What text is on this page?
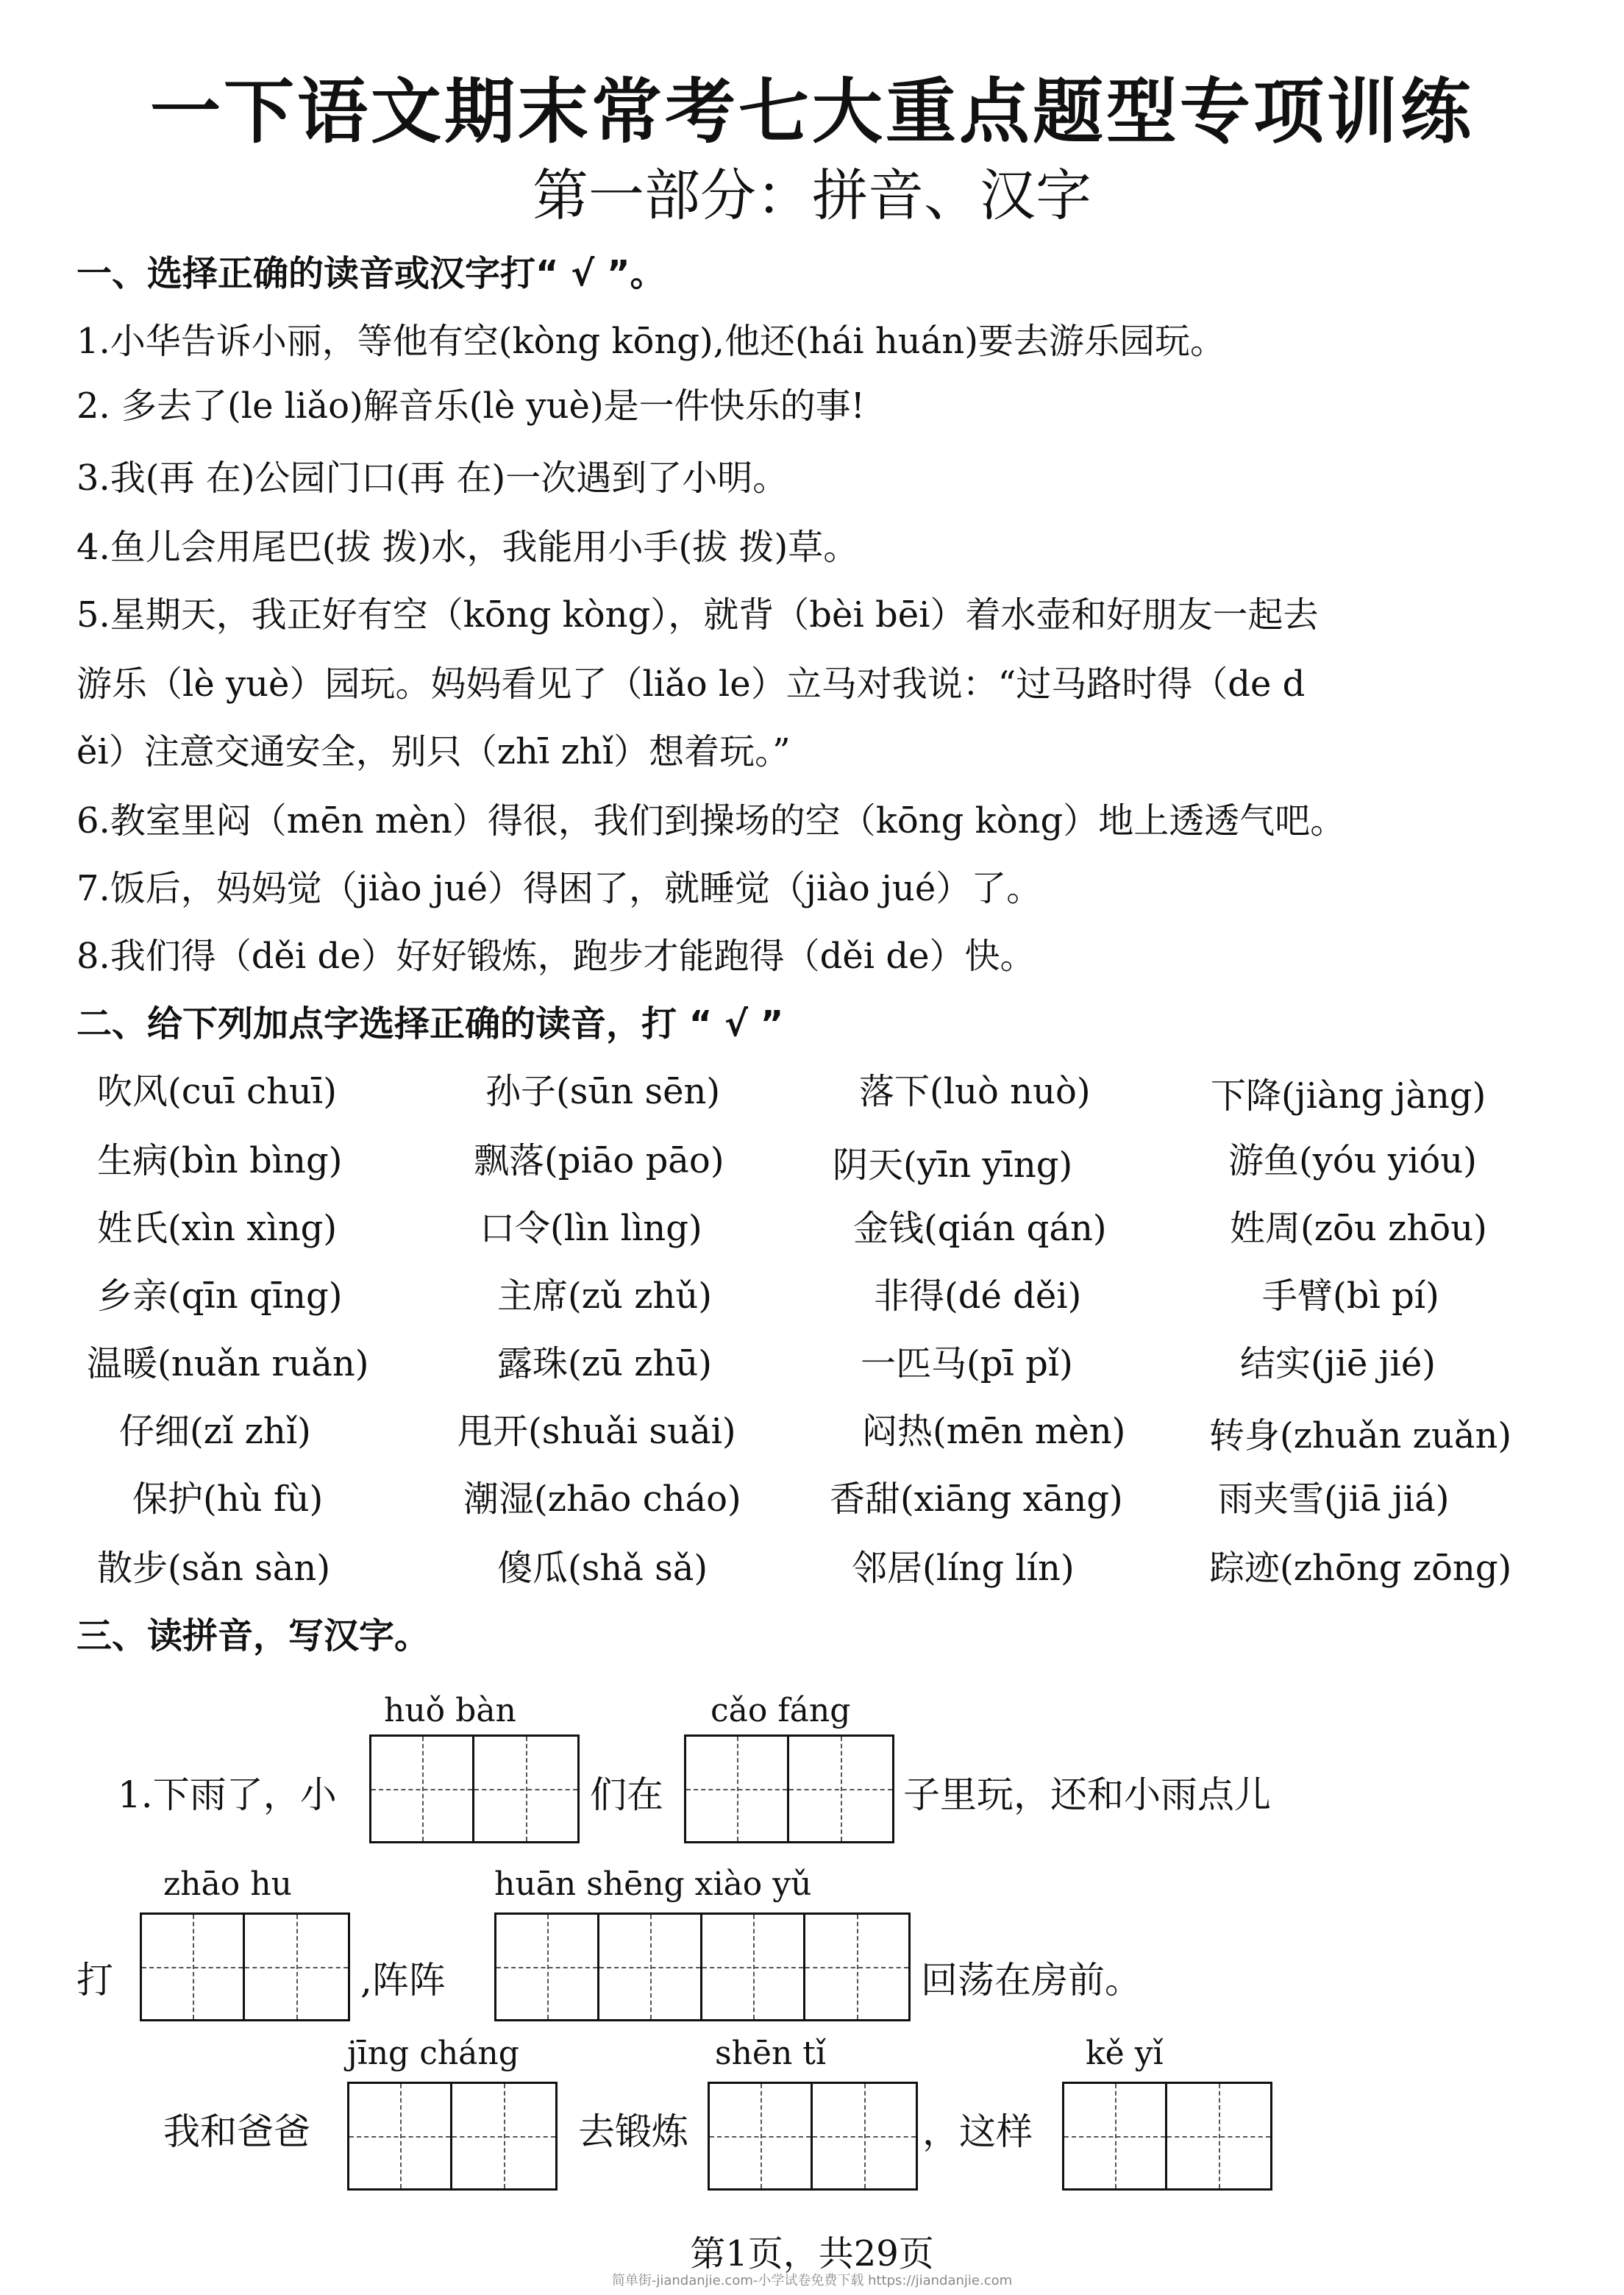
一下语文期末常考七大重点题型专项训练
第一部分：拼音、汉字
一、选择正确的读音或汉字打“ √ ”。
1.小华告诉小丽，等他有空(kòng kōng),他还(hái huán)要去游乐园玩。
2. 多去了(le liǎo)解音乐(lè yuè)是一件快乐的事!
3.我(再 在)公园门口(再 在)一次遇到了小明。
4.鱼儿会用尾巴(拔 拨)水，我能用小手(拔 拨)草。
5.星期天，我正好有空（kōng kòng），就背（bèi bēi）着水壶和好朋友一起去
游乐（lè yuè）园玩。妈妈看见了（liǎo le）立马对我说：“过马路时得（de d
ěi）注意交通安全，别只（zhī zhǐ）想着玩。”
6.教室里闷（mēn mèn）得很，我们到操场的空（kōng kòng）地上透透气吧。
7.饭后，妈妈觉（jiào jué）得困了，就睡觉（jiào jué）了。
8.我们得（děi de）好好锻炼，跑步才能跑得（děi de）快。
二、给下列加点字选择正确的读音，打 “ √ ”
吹风(cuī chuī)	孙子(sūn sēn)	落下(luò nuò)	下降(jiàng jàng)
生病(bìn bìng)	飘落(piāo pāo)	阴天(yīn yīng)	游鱼(yóu yióu)
姓氏(xìn xìng)	口令(lìn lìng)	金钱(qián qán)	姓周(zōu zhōu)
乡亲(qīn qīng)	主席(zǔ zhǔ)	非得(dé děi)	手臂(bì pí)
温暖(nuǎn ruǎn)	露珠(zū zhū)	一匹马(pī pǐ)	结实(jiē jié)
仔细(zǐ zhǐ)	甩开(shuǎi suǎi)	闷热(mēn mèn) 转身(zhuǎn zuǎn)
保护(hù fù)	潮湿(zhāo cháo)	香甜(xiāng xāng)	雨夹雪(jiā jiá)
散步(sǎn sàn)	傻瓜(shǎ sǎ)	邻居(líng lín)	踪迹(zhōng zōng)
三、读拼音，写汉字。
huǒ bàn	cǎo fáng
1.下雨了，小	们在	子里玩，还和小雨点儿
zhāo hu	huān shēng xiào yǔ
打	,阵阵	回荡在房前。
jīng cháng	shēn tǐ	kě yǐ
我和爸爸	去锻炼	，这样
第1页，共29页
简单街-jiandanjie.com-小学试卷免费下载 https://jiandanjie.com
